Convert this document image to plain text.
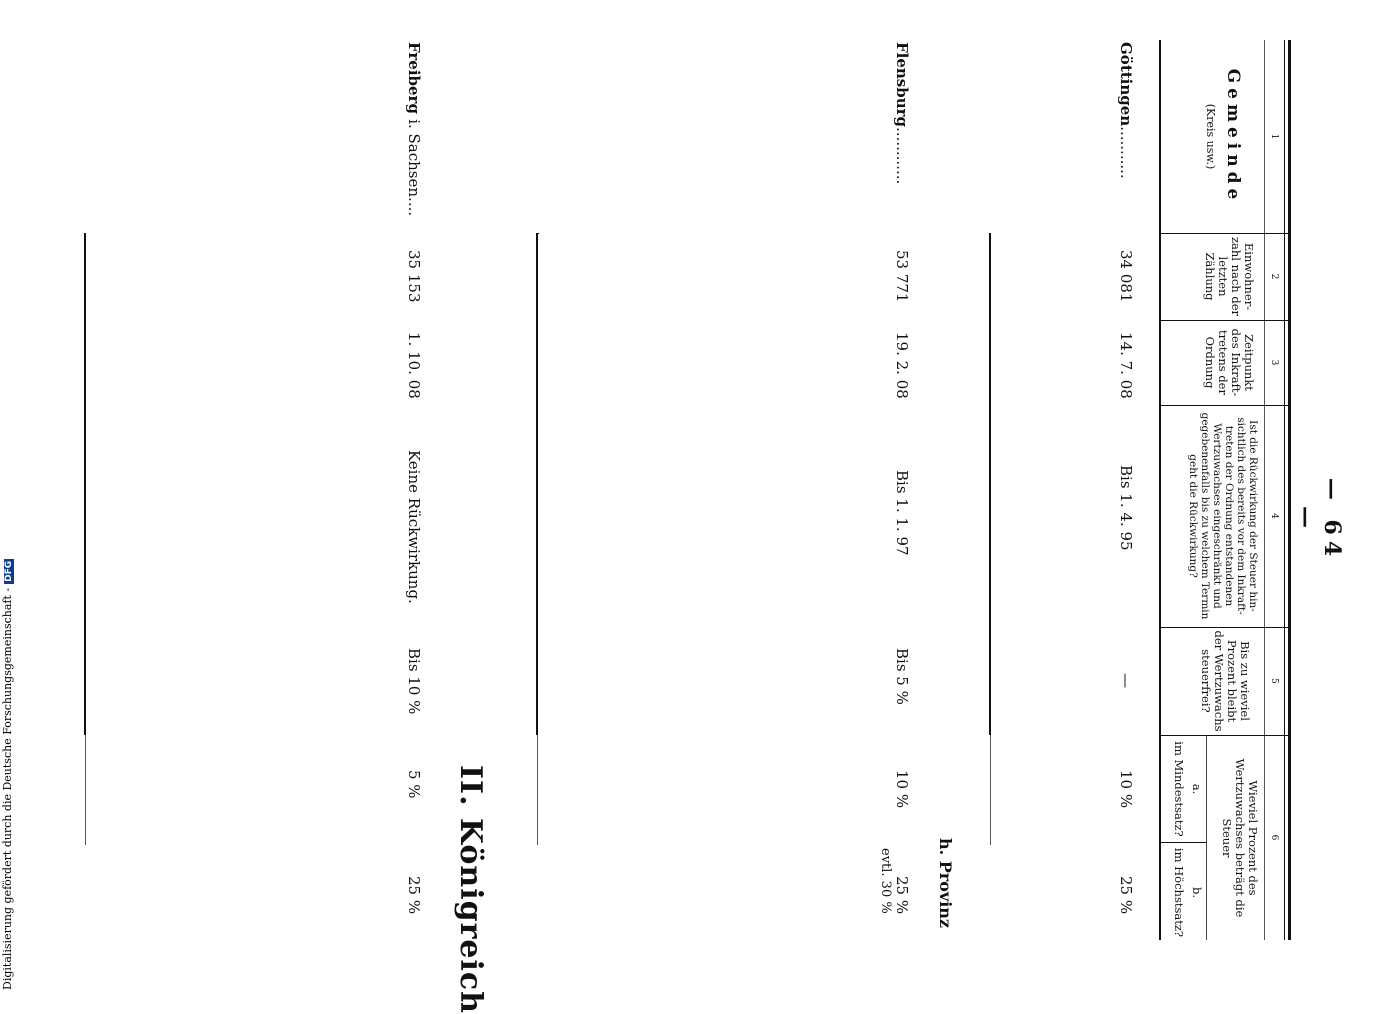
— 64 —
1
2
3
4
5
6
Gemeinde
(Kreis usw.)
Einwohner-zahl nach der letzten Zählung
Zeitpunkt des Inkraft-tretens der Ordnung
Ist die Rückwirkung der Steuer hin-sichtlich des bereits vor dem Inkraft-treten der Ordnung entstandenen Wertzuwachses eingeschränkt und gegebenenfalls bis zu welchem Termin geht die Rückwirkung?
Bis zu wieviel Prozent bleibt der Wertzuwachs steuerfrei?
Wieviel Prozent des Wertzuwachses beträgt die Steuer
a.
im Mindestsatz?
b.
im Höchstsatz?
Göttingen...........
34 081
14. 7. 08
Bis 1. 4. 95
—
10 %
25 %
h. Provinz
Flensburg............
53 771
19. 2. 08
Bis 1. 1. 97
Bis 5 %
10 %
25 %
evtl. 30 %
II. Königreich
Freiberg i. Sachsen....
35 153
1. 10. 08
Keine Rückwirkung.
Bis 10 %
5 %
25 %
Digitalisierung gefördert durch die Deutsche Forschungsgemeinschaft -DFG
